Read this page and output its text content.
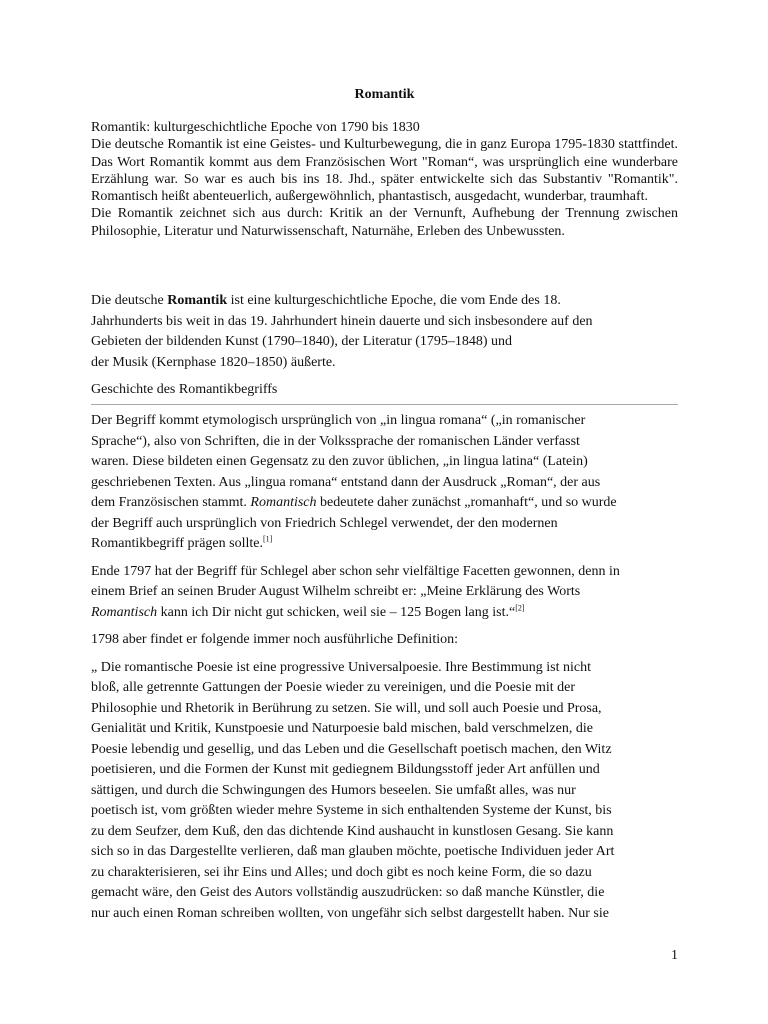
Romantik

Romantik: kulturgeschichtliche Epoche von 1790 bis 1830

Die deutsche Romantik ist eine Geistes- und Kulturbewegung, die in ganz Europa 1795-1830 stattfindet. Das Wort Romantik kommt aus dem Französischen Wort "Roman“, was ursprünglich eine wunderbare Erzählung war. So war es auch bis ins 18. Jhd., später entwickelte sich das Substantiv "Romantik". Romantisch heißt abenteuerlich, außergewöhnlich, phantastisch, ausgedacht, wunderbar, traumhaft.

Die Romantik zeichnet sich aus durch: Kritik an der Vernunft, Aufhebung der Trennung zwischen Philosophie, Literatur und Naturwissenschaft, Naturnähe, Erleben des Unbewussten.

Die deutsche Romantik ist eine kulturgeschichtliche Epoche, die vom Ende des 18.
Jahrhunderts bis weit in das 19. Jahrhundert hinein dauerte und sich insbesondere auf den
Gebieten der bildenden Kunst (1790–1840), der Literatur (1795–1848) und
der Musik (Kernphase 1820–1850) äußerte.

Geschichte des Romantikbegriffs

Der Begriff kommt etymologisch ursprünglich von „in lingua romana“ („in romanischer
Sprache“), also von Schriften, die in der Volkssprache der romanischen Länder verfasst
waren. Diese bildeten einen Gegensatz zu den zuvor üblichen, „in lingua latina“ (Latein)
geschriebenen Texten. Aus „lingua romana“ entstand dann der Ausdruck „Roman“, der aus
dem Französischen stammt. Romantisch bedeutete daher zunächst „romanhaft“, und so wurde
der Begriff auch ursprünglich von Friedrich Schlegel verwendet, der den modernen
Romantikbegriff prägen sollte.[1]

Ende 1797 hat der Begriff für Schlegel aber schon sehr vielfältige Facetten gewonnen, denn in
einem Brief an seinen Bruder August Wilhelm schreibt er: „Meine Erklärung des Worts
Romantisch kann ich Dir nicht gut schicken, weil sie – 125 Bogen lang ist.“[2]

1798 aber findet er folgende immer noch ausführliche Definition:

„ Die romantische Poesie ist eine progressive Universalpoesie. Ihre Bestimmung ist nicht
bloß, alle getrennte Gattungen der Poesie wieder zu vereinigen, und die Poesie mit der
Philosophie und Rhetorik in Berührung zu setzen. Sie will, und soll auch Poesie und Prosa,
Genialität und Kritik, Kunstpoesie und Naturpoesie bald mischen, bald verschmelzen, die
Poesie lebendig und gesellig, und das Leben und die Gesellschaft poetisch machen, den Witz
poetisieren, und die Formen der Kunst mit gediegnem Bildungsstoff jeder Art anfüllen und
sättigen, und durch die Schwingungen des Humors beseelen. Sie umfaßt alles, was nur
poetisch ist, vom größten wieder mehre Systeme in sich enthaltenden Systeme der Kunst, bis
zu dem Seufzer, dem Kuß, den das dichtende Kind aushaucht in kunstlosen Gesang. Sie kann
sich so in das Dargestellte verlieren, daß man glauben möchte, poetische Individuen jeder Art
zu charakterisieren, sei ihr Eins und Alles; und doch gibt es noch keine Form, die so dazu
gemacht wäre, den Geist des Autors vollständig auszudrücken: so daß manche Künstler, die
nur auch einen Roman schreiben wollten, von ungefähr sich selbst dargestellt haben. Nur sie

1
